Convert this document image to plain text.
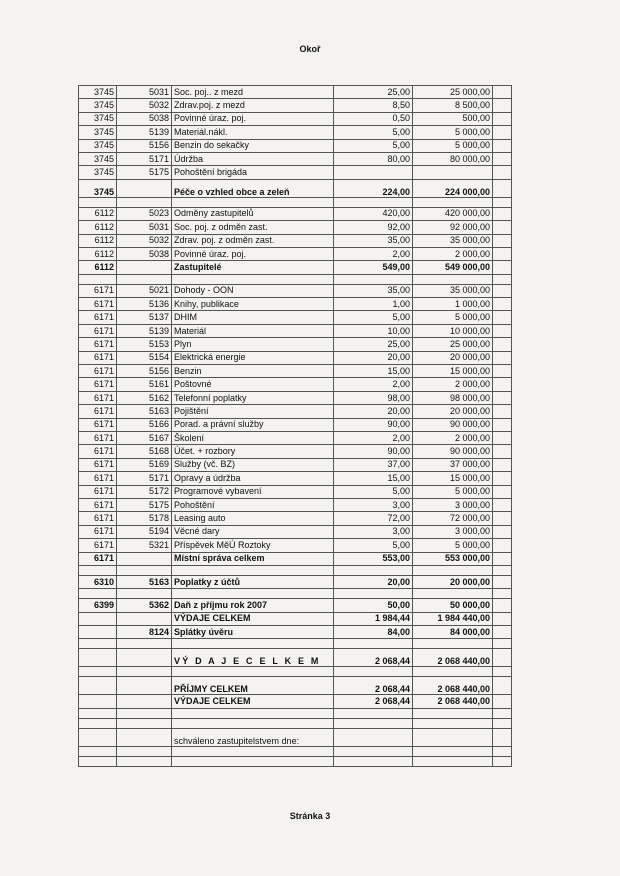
Okoř
3745	5031	Soc. poj.. z mezd	25,00	25 000,00	
3745	5032	Zdrav.poj. z mezd	8,50	8 500,00	
3745	5038	Povinné úraz. poj.	0,50	500,00	
3745	5139	Materiál.nákl.	5,00	5 000,00	
3745	5156	Benzin do sekačky	5,00	5 000,00	
3745	5171	Údržba	80,00	80 000,00	
3745	5175	Pohoštění brigáda			
3745		Péče o vzhled obce a zeleň	224,00	224 000,00	

6112	5023	Odměny zastupitelů	420,00	420 000,00	
6112	5031	Soc. poj. z odměn zast.	92,00	92 000,00	
6112	5032	Zdrav. poj. z odměn zast.	35,00	35 000,00	
6112	5038	Povinné úraz. poj.	2,00	2 000,00	
6112		Zastupitelé	549,00	549 000,00	

6171	5021	Dohody - OON	35,00	35 000,00	
6171	5136	Knihy, publikace	1,00	1 000,00	
6171	5137	DHIM	5,00	5 000,00	
6171	5139	Materiál	10,00	10 000,00	
6171	5153	Plyn	25,00	25 000,00	
6171	5154	Elektrická energie	20,00	20 000,00	
6171	5156	Benzin	15,00	15 000,00	
6171	5161	Poštovné	2,00	2 000,00	
6171	5162	Telefonní poplatky	98,00	98 000,00	
6171	5163	Pojištění	20,00	20 000,00	
6171	5166	Porad. a právní služby	90,00	90 000,00	
6171	5167	Školení	2,00	2 000,00	
6171	5168	Účet. + rozbory	90,00	90 000,00	
6171	5169	Služby (vč. BZ)	37,00	37 000,00	
6171	5171	Opravy a údržba	15,00	15 000,00	
6171	5172	Programové vybavení	5,00	5 000,00	
6171	5175	Pohoštění	3,00	3 000,00	
6171	5178	Leasing auto	72,00	72 000,00	
6171	5194	Věcné dary	3,00	3 000,00	
6171	5321	Příspěvek MěÚ Roztoky	5,00	5 000,00	
6171		Místní správa celkem	553,00	553 000,00	

6310	5163	Poplatky z účtů	20,00	20 000,00	

6399	5362	Daň z příjmu rok 2007	50,00	50 000,00	
		VÝDAJE CELKEM	1 984,44	1 984 440,00	
	8124	Splátky úvěru	84,00	84 000,00	

		VÝ D A J E C E L K E M	2 068,44	2 068 440,00	

		PŘÍJMY CELKEM	2 068,44	2 068 440,00	
		VÝDAJE CELKEM	2 068,44	2 068 440,00	

		schváleno zastupitelstvem dne:			

Stránka 3
